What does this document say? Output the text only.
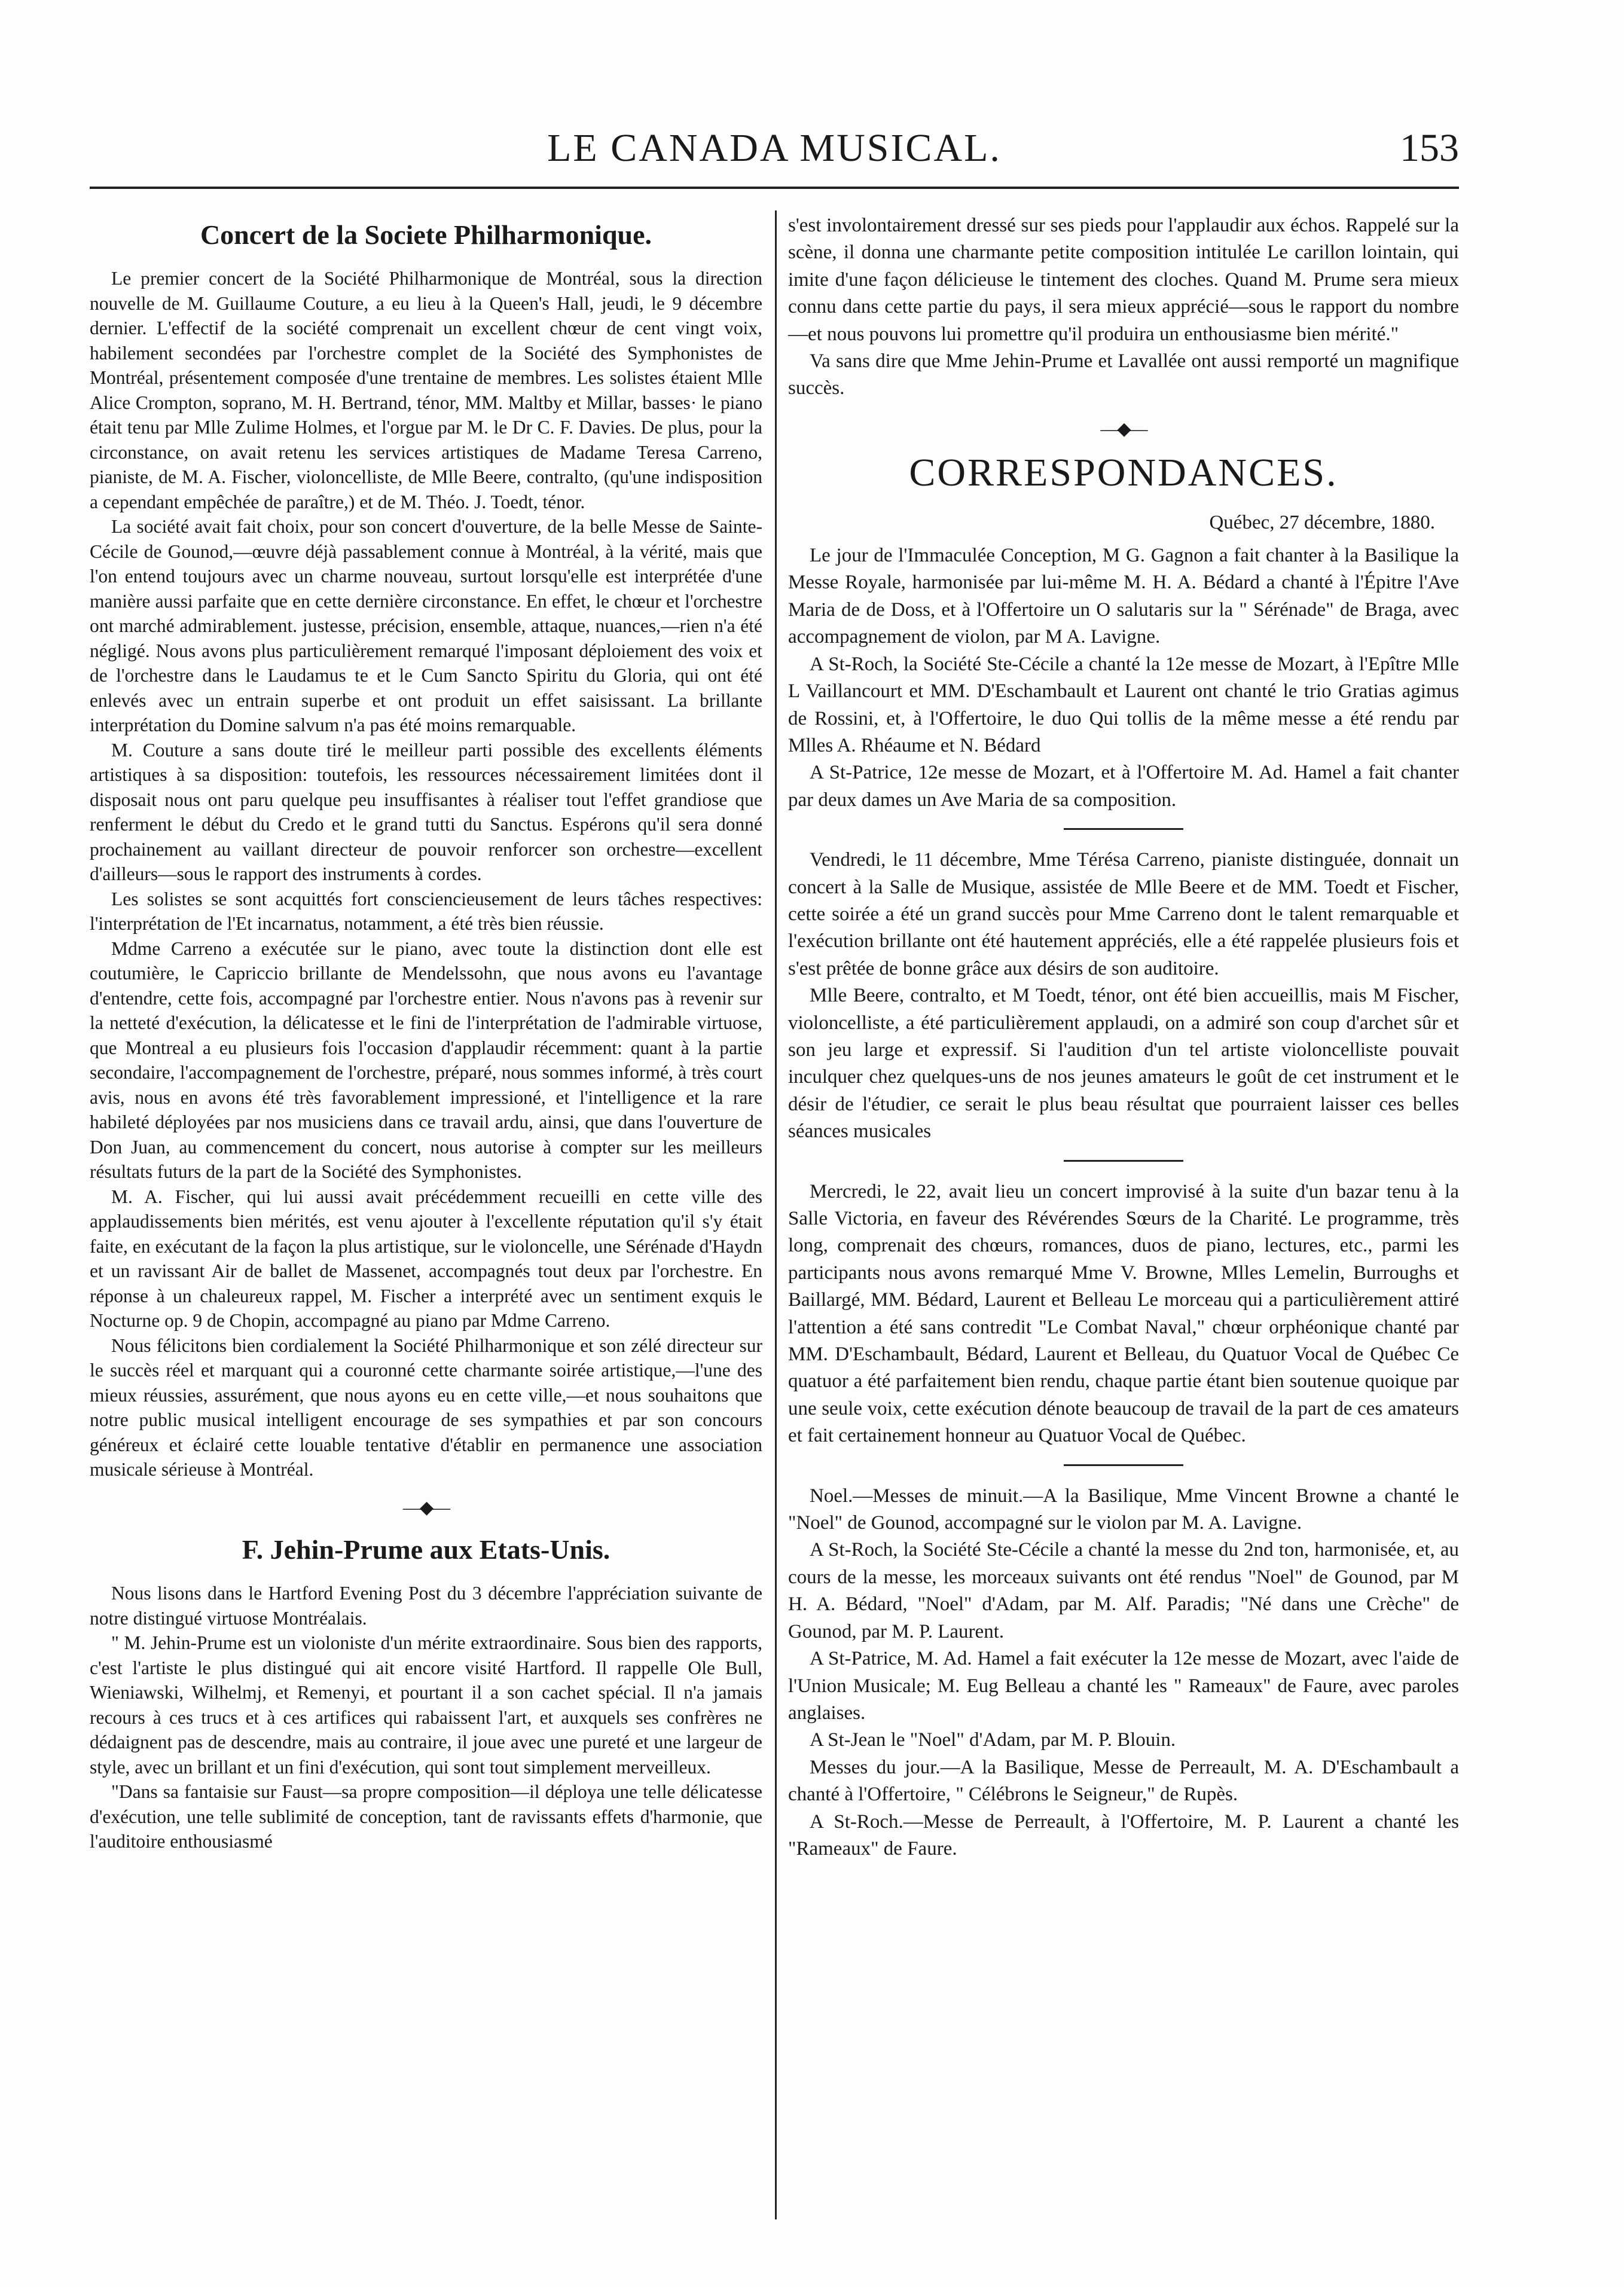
LE CANADA MUSICAL.	153
Concert de la Societe Philharmonique.

Le premier concert de la Société Philharmonique de Montréal, sous la direction nouvelle de M. Guillaume Couture, a eu lieu à la Queen's Hall, jeudi, le 9 décembre dernier. L'effectif de la société comprenait un excellent chœur de cent vingt voix, habilement secondées par l'orchestre complet de la Société des Symphonistes de Montréal, présentement composée d'une trentaine de membres. Les solistes étaient Mlle Alice Crompton, soprano, M. H. Bertrand, ténor, MM. Maltby et Millar, basses· le piano était tenu par Mlle Zulime Holmes, et l'orgue par M. le Dr C. F. Davies. De plus, pour la circonstance, on avait retenu les services artistiques de Madame Teresa Carreno, pianiste, de M. A. Fischer, violoncelliste, de Mlle Beere, contralto, (qu'une indisposition a cependant empêchée de paraître,) et de M. Théo. J. Toedt, ténor.

La société avait fait choix, pour son concert d'ouverture, de la belle Messe de Sainte-Cécile de Gounod,—œuvre déjà passablement connue à Montréal, à la vérité, mais que l'on entend toujours avec un charme nouveau, surtout lorsqu'elle est interprétée d'une manière aussi parfaite que en cette dernière circonstance. En effet, le chœur et l'orchestre ont marché admirablement. justesse, précision, ensemble, attaque, nuances,—rien n'a été négligé. Nous avons plus particulièrement remarqué l'imposant déploiement des voix et de l'orchestre dans le Laudamus te et le Cum Sancto Spiritu du Gloria, qui ont été enlevés avec un entrain superbe et ont produit un effet saisissant. La brillante interprétation du Domine salvum n'a pas été moins remarquable.

M. Couture a sans doute tiré le meilleur parti possible des excellents éléments artistiques à sa disposition: toutefois, les ressources nécessairement limitées dont il disposait nous ont paru quelque peu insuffisantes à réaliser tout l'effet grandiose que renferment le début du Credo et le grand tutti du Sanctus. Espérons qu'il sera donné prochainement au vaillant directeur de pouvoir renforcer son orchestre—excellent d'ailleurs—sous le rapport des instruments à cordes.

Les solistes se sont acquittés fort consciencieusement de leurs tâches respectives: l'interprétation de l'Et incarnatus, notamment, a été très bien réussie.

Mdme Carreno a exécutée sur le piano, avec toute la distinction dont elle est coutumière, le Capriccio brillante de Mendelssohn, que nous avons eu l'avantage d'entendre, cette fois, accompagné par l'orchestre entier. Nous n'avons pas à revenir sur la netteté d'exécution, la délicatesse et le fini de l'interprétation de l'admirable virtuose, que Montreal a eu plusieurs fois l'occasion d'applaudir récemment: quant à la partie secondaire, l'accompagnement de l'orchestre, préparé, nous sommes informé, à très court avis, nous en avons été très favorablement impressioné, et l'intelligence et la rare habileté déployées par nos musiciens dans ce travail ardu, ainsi, que dans l'ouverture de Don Juan, au commencement du concert, nous autorise à compter sur les meilleurs résultats futurs de la part de la Société des Symphonistes.

M. A. Fischer, qui lui aussi avait précédemment recueilli en cette ville des applaudissements bien mérités, est venu ajouter à l'excellente réputation qu'il s'y était faite, en exécutant de la façon la plus artistique, sur le violoncelle, une Sérénade d'Haydn et un ravissant Air de ballet de Massenet, accompagnés tout deux par l'orchestre. En réponse à un chaleureux rappel, M. Fischer a interprété avec un sentiment exquis le Nocturne op. 9 de Chopin, accompagné au piano par Mdme Carreno.

Nous félicitons bien cordialement la Société Philharmonique et son zélé directeur sur le succès réel et marquant qui a couronné cette charmante soirée artistique,—l'une des mieux réussies, assurément, que nous ayons eu en cette ville,—et nous souhaitons que notre public musical intelligent encourage de ses sympathies et par son concours généreux et éclairé cette louable tentative d'établir en permanence une association musicale sérieuse à Montréal.

—◆—
F. Jehin-Prume aux Etats-Unis.

Nous lisons dans le Hartford Evening Post du 3 décembre l'appréciation suivante de notre distingué virtuose Montréalais.

" M. Jehin-Prume est un violoniste d'un mérite extraordinaire. Sous bien des rapports, c'est l'artiste le plus distingué qui ait encore visité Hartford. Il rappelle Ole Bull, Wieniawski, Wilhelmj, et Remenyi, et pourtant il a son cachet spécial. Il n'a jamais recours à ces trucs et à ces artifices qui rabaissent l'art, et auxquels ses confrères ne dédaignent pas de descendre, mais au contraire, il joue avec une pureté et une largeur de style, avec un brillant et un fini d'exécution, qui sont tout simplement merveilleux.

"Dans sa fantaisie sur Faust—sa propre composition—il déploya une telle délicatesse d'exécution, une telle sublimité de conception, tant de ravissants effets d'harmonie, que l'auditoire enthousiasmé

s'est involontairement dressé sur ses pieds pour l'applaudir aux échos. Rappelé sur la scène, il donna une charmante petite composition intitulée Le carillon lointain, qui imite d'une façon délicieuse le tintement des cloches. Quand M. Prume sera mieux connu dans cette partie du pays, il sera mieux apprécié—sous le rapport du nombre—et nous pouvons lui promettre qu'il produira un enthousiasme bien mérité."

Va sans dire que Mme Jehin-Prume et Lavallée ont aussi remporté un magnifique succès.

—◆—
CORRESPONDANCES.

Québec, 27 décembre, 1880.

Le jour de l'Immaculée Conception, M G. Gagnon a fait chanter à la Basilique la Messe Royale, harmonisée par lui-même M. H. A. Bédard a chanté à l'Épitre l'Ave Maria de de Doss, et à l'Offertoire un O salutaris sur la " Sérénade" de Braga, avec accompagnement de violon, par M A. Lavigne.

A St-Roch, la Société Ste-Cécile a chanté la 12e messe de Mozart, à l'Epître Mlle L Vaillancourt et MM. D'Eschambault et Laurent ont chanté le trio Gratias agimus de Rossini, et, à l'Offertoire, le duo Qui tollis de la même messe a été rendu par Mlles A. Rhéaume et N. Bédard

A St-Patrice, 12e messe de Mozart, et à l'Offertoire M. Ad. Hamel a fait chanter par deux dames un Ave Maria de sa composition.

Vendredi, le 11 décembre, Mme Térésa Carreno, pianiste distinguée, donnait un concert à la Salle de Musique, assistée de Mlle Beere et de MM. Toedt et Fischer, cette soirée a été un grand succès pour Mme Carreno dont le talent remarquable et l'exécution brillante ont été hautement appréciés, elle a été rappelée plusieurs fois et s'est prêtée de bonne grâce aux désirs de son auditoire.

Mlle Beere, contralto, et M Toedt, ténor, ont été bien accueillis, mais M Fischer, violoncelliste, a été particulièrement applaudi, on a admiré son coup d'archet sûr et son jeu large et expressif. Si l'audition d'un tel artiste violoncelliste pouvait inculquer chez quelques-uns de nos jeunes amateurs le goût de cet instrument et le désir de l'étudier, ce serait le plus beau résultat que pourraient laisser ces belles séances musicales

Mercredi, le 22, avait lieu un concert improvisé à la suite d'un bazar tenu à la Salle Victoria, en faveur des Révérendes Sœurs de la Charité. Le programme, très long, comprenait des chœurs, romances, duos de piano, lectures, etc., parmi les participants nous avons remarqué Mme V. Browne, Mlles Lemelin, Burroughs et Baillargé, MM. Bédard, Laurent et Belleau Le morceau qui a particulièrement attiré l'attention a été sans contredit "Le Combat Naval," chœur orphéonique chanté par MM. D'Eschambault, Bédard, Laurent et Belleau, du Quatuor Vocal de Québec Ce quatuor a été parfaitement bien rendu, chaque partie étant bien soutenue quoique par une seule voix, cette exécution dénote beaucoup de travail de la part de ces amateurs et fait certainement honneur au Quatuor Vocal de Québec.

Noel.—Messes de minuit.—A la Basilique, Mme Vincent Browne a chanté le "Noel" de Gounod, accompagné sur le violon par M. A. Lavigne.

A St-Roch, la Société Ste-Cécile a chanté la messe du 2nd ton, harmonisée, et, au cours de la messe, les morceaux suivants ont été rendus "Noel" de Gounod, par M H. A. Bédard, "Noel" d'Adam, par M. Alf. Paradis; "Né dans une Crèche" de Gounod, par M. P. Laurent.

A St-Patrice, M. Ad. Hamel a fait exécuter la 12e messe de Mozart, avec l'aide de l'Union Musicale; M. Eug Belleau a chanté les " Rameaux" de Faure, avec paroles anglaises.

A St-Jean le "Noel" d'Adam, par M. P. Blouin.

Messes du jour.—A la Basilique, Messe de Perreault, M. A. D'Eschambault a chanté à l'Offertoire, " Célébrons le Seigneur," de Rupès.

A St-Roch.—Messe de Perreault, à l'Offertoire, M. P. Laurent a chanté les "Rameaux" de Faure.
